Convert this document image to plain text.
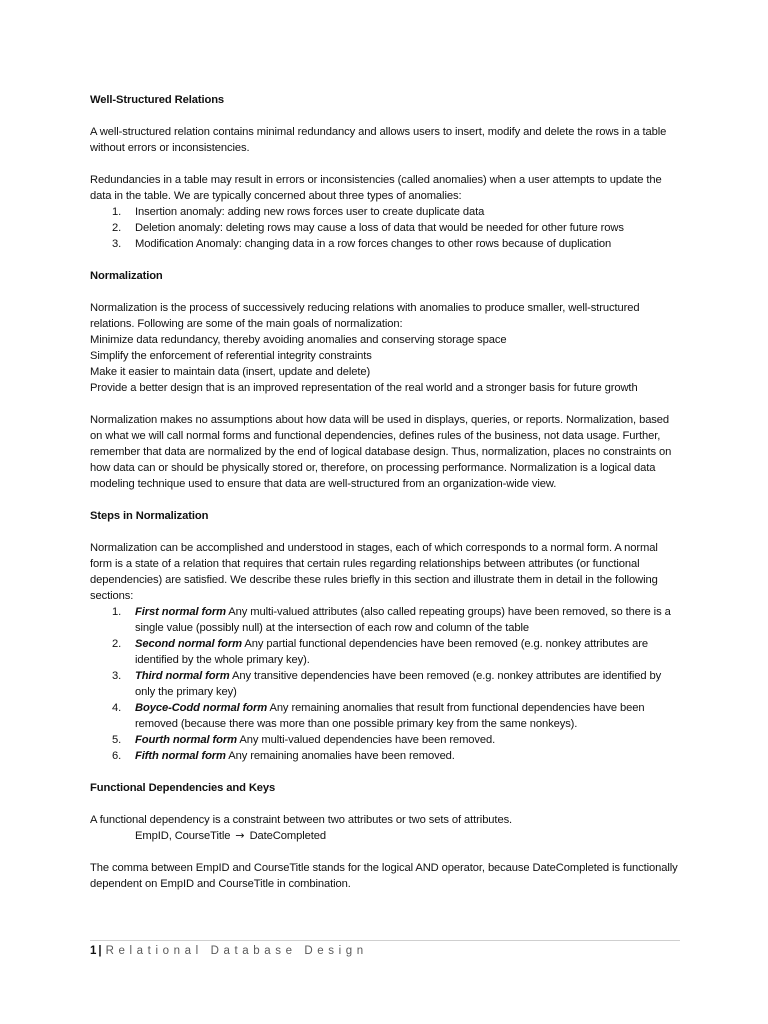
Well-Structured Relations

A well-structured relation contains minimal redundancy and allows users to insert, modify and delete the rows in a table without errors or inconsistencies.

Redundancies in a table may result in errors or inconsistencies (called anomalies) when a user attempts to update the data in the table. We are typically concerned about three types of anomalies:

1. Insertion anomaly: adding new rows forces user to create duplicate data
2. Deletion anomaly: deleting rows may cause a loss of data that would be needed for other future rows
3. Modification Anomaly: changing data in a row forces changes to other rows because of duplication
Normalization

Normalization is the process of successively reducing relations with anomalies to produce smaller, well-structured relations. Following are some of the main goals of normalization:

Minimize data redundancy, thereby avoiding anomalies and conserving storage space

Simplify the enforcement of referential integrity constraints

Make it easier to maintain data (insert, update and delete)

Provide a better design that is an improved representation of the real world and a stronger basis for future growth

Normalization makes no assumptions about how data will be used in displays, queries, or reports. Normalization, based on what we will call normal forms and functional dependencies, defines rules of the business, not data usage. Further, remember that data are normalized by the end of logical database design. Thus, normalization, places no constraints on how data can or should be physically stored or, therefore, on processing performance. Normalization is a logical data modeling technique used to ensure that data are well-structured from an organization-wide view.

Steps in Normalization

Normalization can be accomplished and understood in stages, each of which corresponds to a normal form. A normal form is a state of a relation that requires that certain rules regarding relationships between attributes (or functional dependencies) are satisfied. We describe these rules briefly in this section and illustrate them in detail in the following sections:

1. First normal form Any multi-valued attributes (also called repeating groups) have been removed, so there is a single value (possibly null) at the intersection of each row and column of the table
2. Second normal form Any partial functional dependencies have been removed (e.g. nonkey attributes are identified by the whole primary key).
3. Third normal form Any transitive dependencies have been removed (e.g. nonkey attributes are identified by only the primary key)
4. Boyce-Codd normal form Any remaining anomalies that result from functional dependencies have been removed (because there was more than one possible primary key from the same nonkeys).
5. Fourth normal form Any multi-valued dependencies have been removed.
6. Fifth normal form Any remaining anomalies have been removed.
Functional Dependencies and Keys

A functional dependency is a constraint between two attributes or two sets of attributes.

EmpID, CourseTitle → DateCompleted

The comma between EmpID and CourseTitle stands for the logical AND operator, because DateCompleted is functionally dependent on EmpID and CourseTitle in combination.

1 | Relational Database Design
